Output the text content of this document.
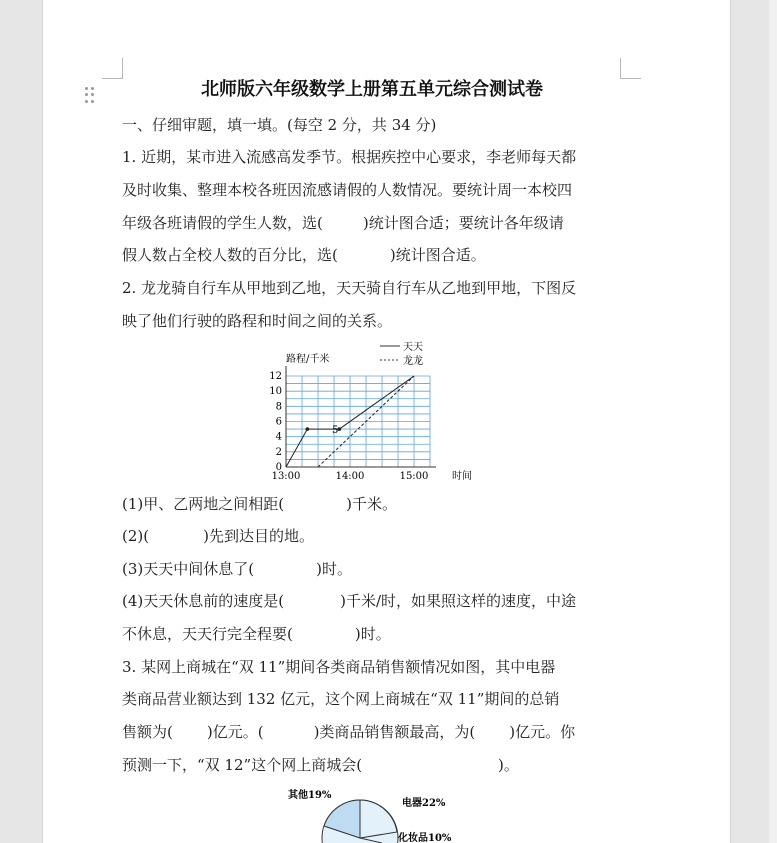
北师版六年级数学上册第五单元综合测试卷
一、仔细审题，填一填。(每空 2 分，共 34 分)
1. 近期，某市进入流感高发季节。根据疾控中心要求，李老师每天都
及时收集、整理本校各班因流感请假的人数情况。要统计周一本校四
年级各班请假的学生人数，选(	)统计图合适；要统计各年级请
假人数占全校人数的百分比，选(	)统计图合适。
2. 龙龙骑自行车从甲地到乙地，天天骑自行车从乙地到甲地，下图反
映了他们行驶的路程和时间之间的关系。
0
2
4
6
8
10
12
13:00	14:00	15:00
路程/千米
时间
5
天天
龙龙
(1)甲、乙两地之间相距(	)千米。
(2)(	)先到达目的地。
(3)天天中间休息了(	)时。
(4)天天休息前的速度是(	)千米/时，如果照这样的速度，中途
不休息，天天行完全程要(	)时。
3. 某网上商城在“双 11”期间各类商品销售额情况如图，其中电器
类商品营业额达到 132 亿元，这个网上商城在“双 11”期间的总销
售额为( )亿元。(	)类商品销售额最高，为( )亿元。你
预测一下，“双 12”这个网上商城会(	)。
其他19%
电器22%
化妆品10%
